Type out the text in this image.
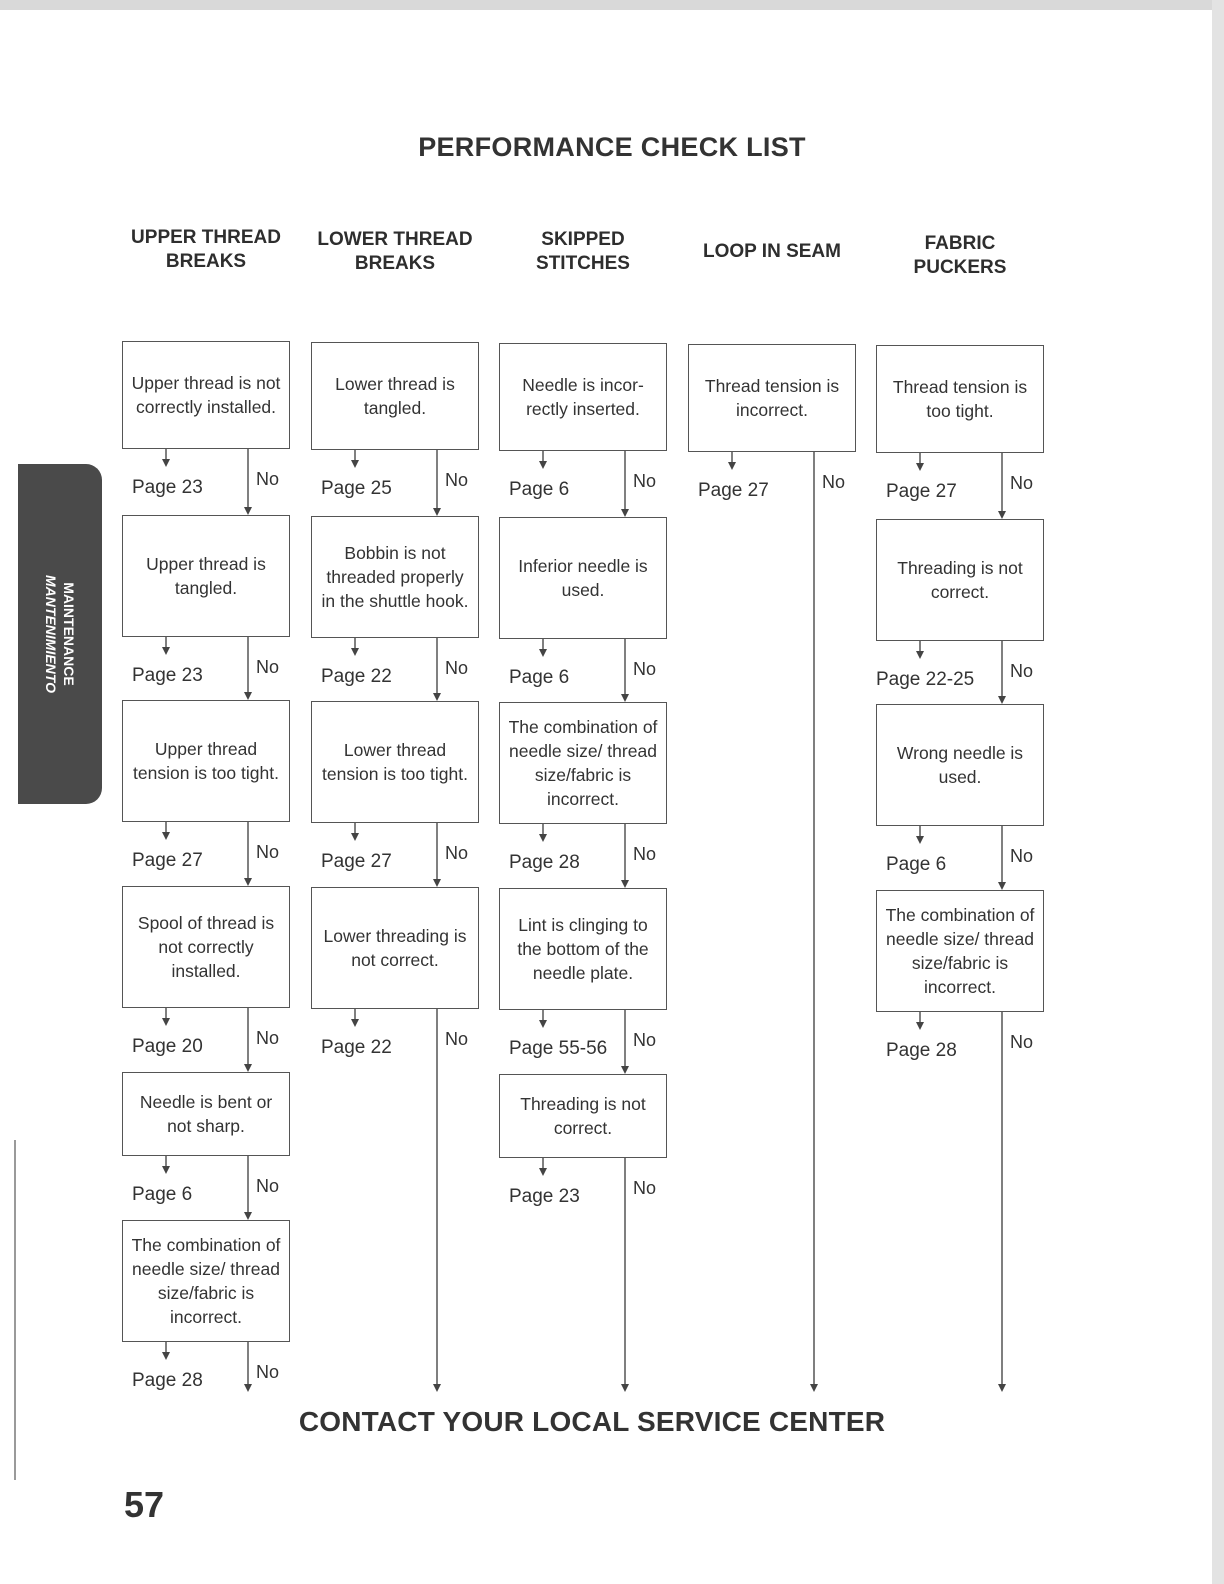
PERFORMANCE CHECK LIST
MAINTENANCE
MANTENIMIENTO
UPPER THREAD
BREAKS
Upper thread is not correctly installed.
Page 23	No
Upper thread is tangled.
Page 23	No
Upper thread tension is too tight.
Page 27	No
Spool of thread is not correctly installed.
Page 20	No
Needle is bent or not sharp.
Page 6	No
The combination of needle size/ thread size/fabric is incorrect.
Page 28	No
LOWER THREAD
BREAKS
Lower thread is tangled.
Page 25	No
Bobbin is not threaded properly in the shuttle hook.
Page 22	No
Lower thread tension is too tight.
Page 27	No
Lower threading is not correct.
Page 22	No
SKIPPED
STITCHES
Needle is incor- rectly inserted.
Page 6	No
Inferior needle is used.
Page 6	No
The combination of needle size/ thread size/fabric is incorrect.
Page 28	No
Lint is clinging to the bottom of the needle plate.
Page 55-56 No
Threading is not correct.
Page 23	No
LOOP IN SEAM
Thread tension is incorrect.
Page 27	No
FABRIC
PUCKERS
Thread tension is too tight.
Page 27	No
Threading is not correct.
Page 22-25 No
Wrong needle is used.
Page 6	No
The combination of needle size/ thread size/fabric is incorrect.
Page 28	No
CONTACT YOUR LOCAL SERVICE CENTER
57
